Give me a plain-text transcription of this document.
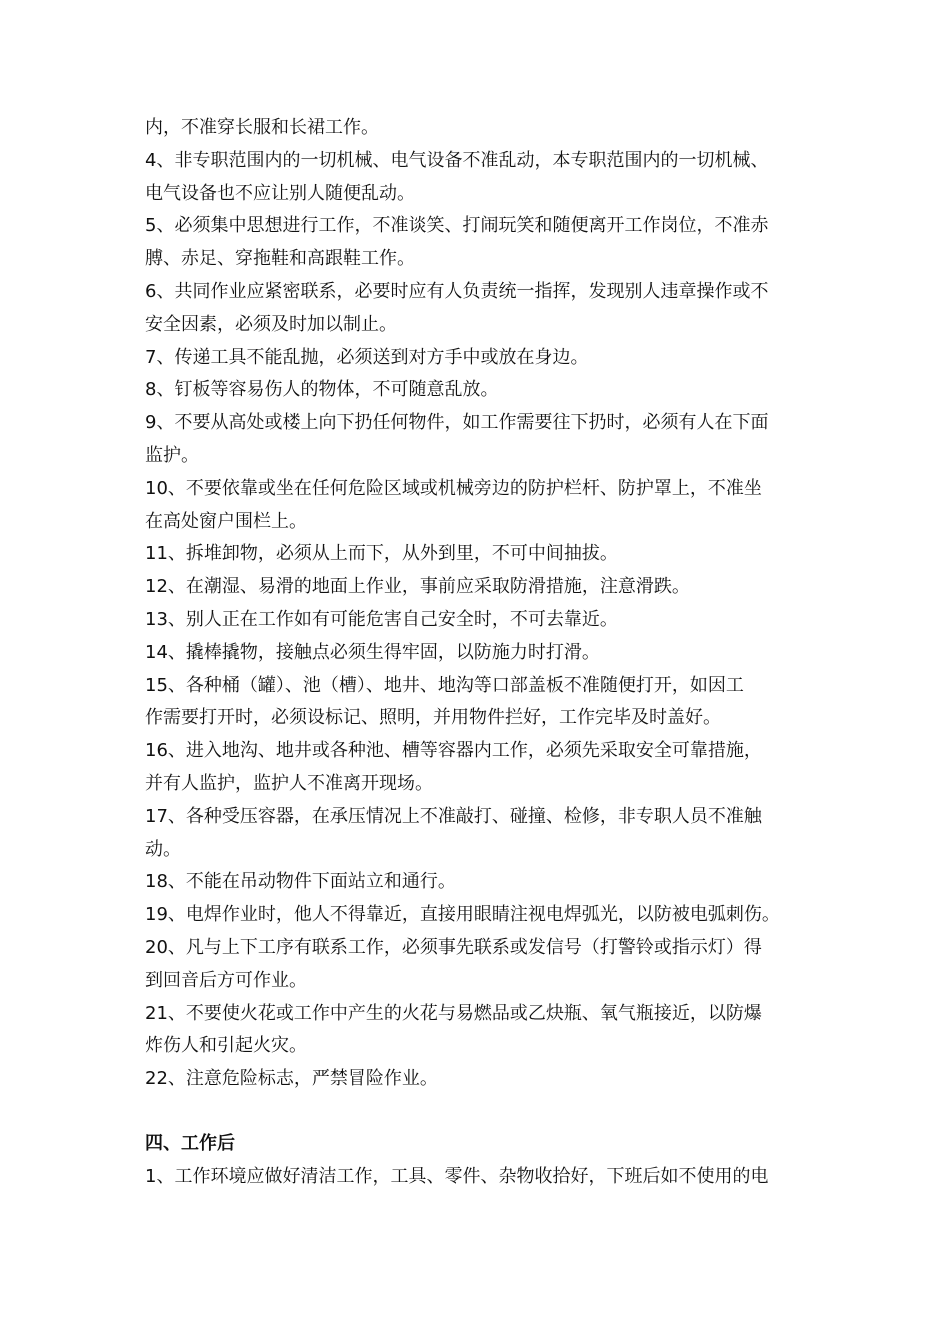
内，不准穿长服和长裙工作。
4、非专职范围内的一切机械、电气设备不准乱动，本专职范围内的一切机械、
电气设备也不应让别人随便乱动。
5、必须集中思想进行工作，不准谈笑、打闹玩笑和随便离开工作岗位，不准赤
膊、赤足、穿拖鞋和高跟鞋工作。
6、共同作业应紧密联系，必要时应有人负责统一指挥，发现别人违章操作或不
安全因素，必须及时加以制止。
7、传递工具不能乱抛，必须送到对方手中或放在身边。
8、钉板等容易伤人的物体，不可随意乱放。
9、不要从高处或楼上向下扔任何物件，如工作需要往下扔时，必须有人在下面
监护。
10、不要依靠或坐在任何危险区域或机械旁边的防护栏杆、防护罩上，不准坐
在高处窗户围栏上。
11、拆堆卸物，必须从上而下，从外到里，不可中间抽拔。
12、在潮湿、易滑的地面上作业，事前应采取防滑措施，注意滑跌。
13、别人正在工作如有可能危害自己安全时，不可去靠近。
14、撬棒撬物，接触点必须生得牢固，以防施力时打滑。
15、各种桶（罐）、池（槽）、地井、地沟等口部盖板不准随便打开，如因工
作需要打开时，必须设标记、照明，并用物件拦好，工作完毕及时盖好。
16、进入地沟、地井或各种池、槽等容器内工作，必须先采取安全可靠措施，
并有人监护，监护人不准离开现场。
17、各种受压容器，在承压情况上不准敲打、碰撞、检修，非专职人员不准触
动。
18、不能在吊动物件下面站立和通行。
19、电焊作业时，他人不得靠近，直接用眼睛注视电焊弧光，以防被电弧刺伤。
20、凡与上下工序有联系工作，必须事先联系或发信号（打警铃或指示灯）得
到回音后方可作业。
21、不要使火花或工作中产生的火花与易燃品或乙炔瓶、氧气瓶接近，以防爆
炸伤人和引起火灾。
22、注意危险标志，严禁冒险作业。
四、工作后
1、工作环境应做好清洁工作，工具、零件、杂物收拾好，下班后如不使用的电
